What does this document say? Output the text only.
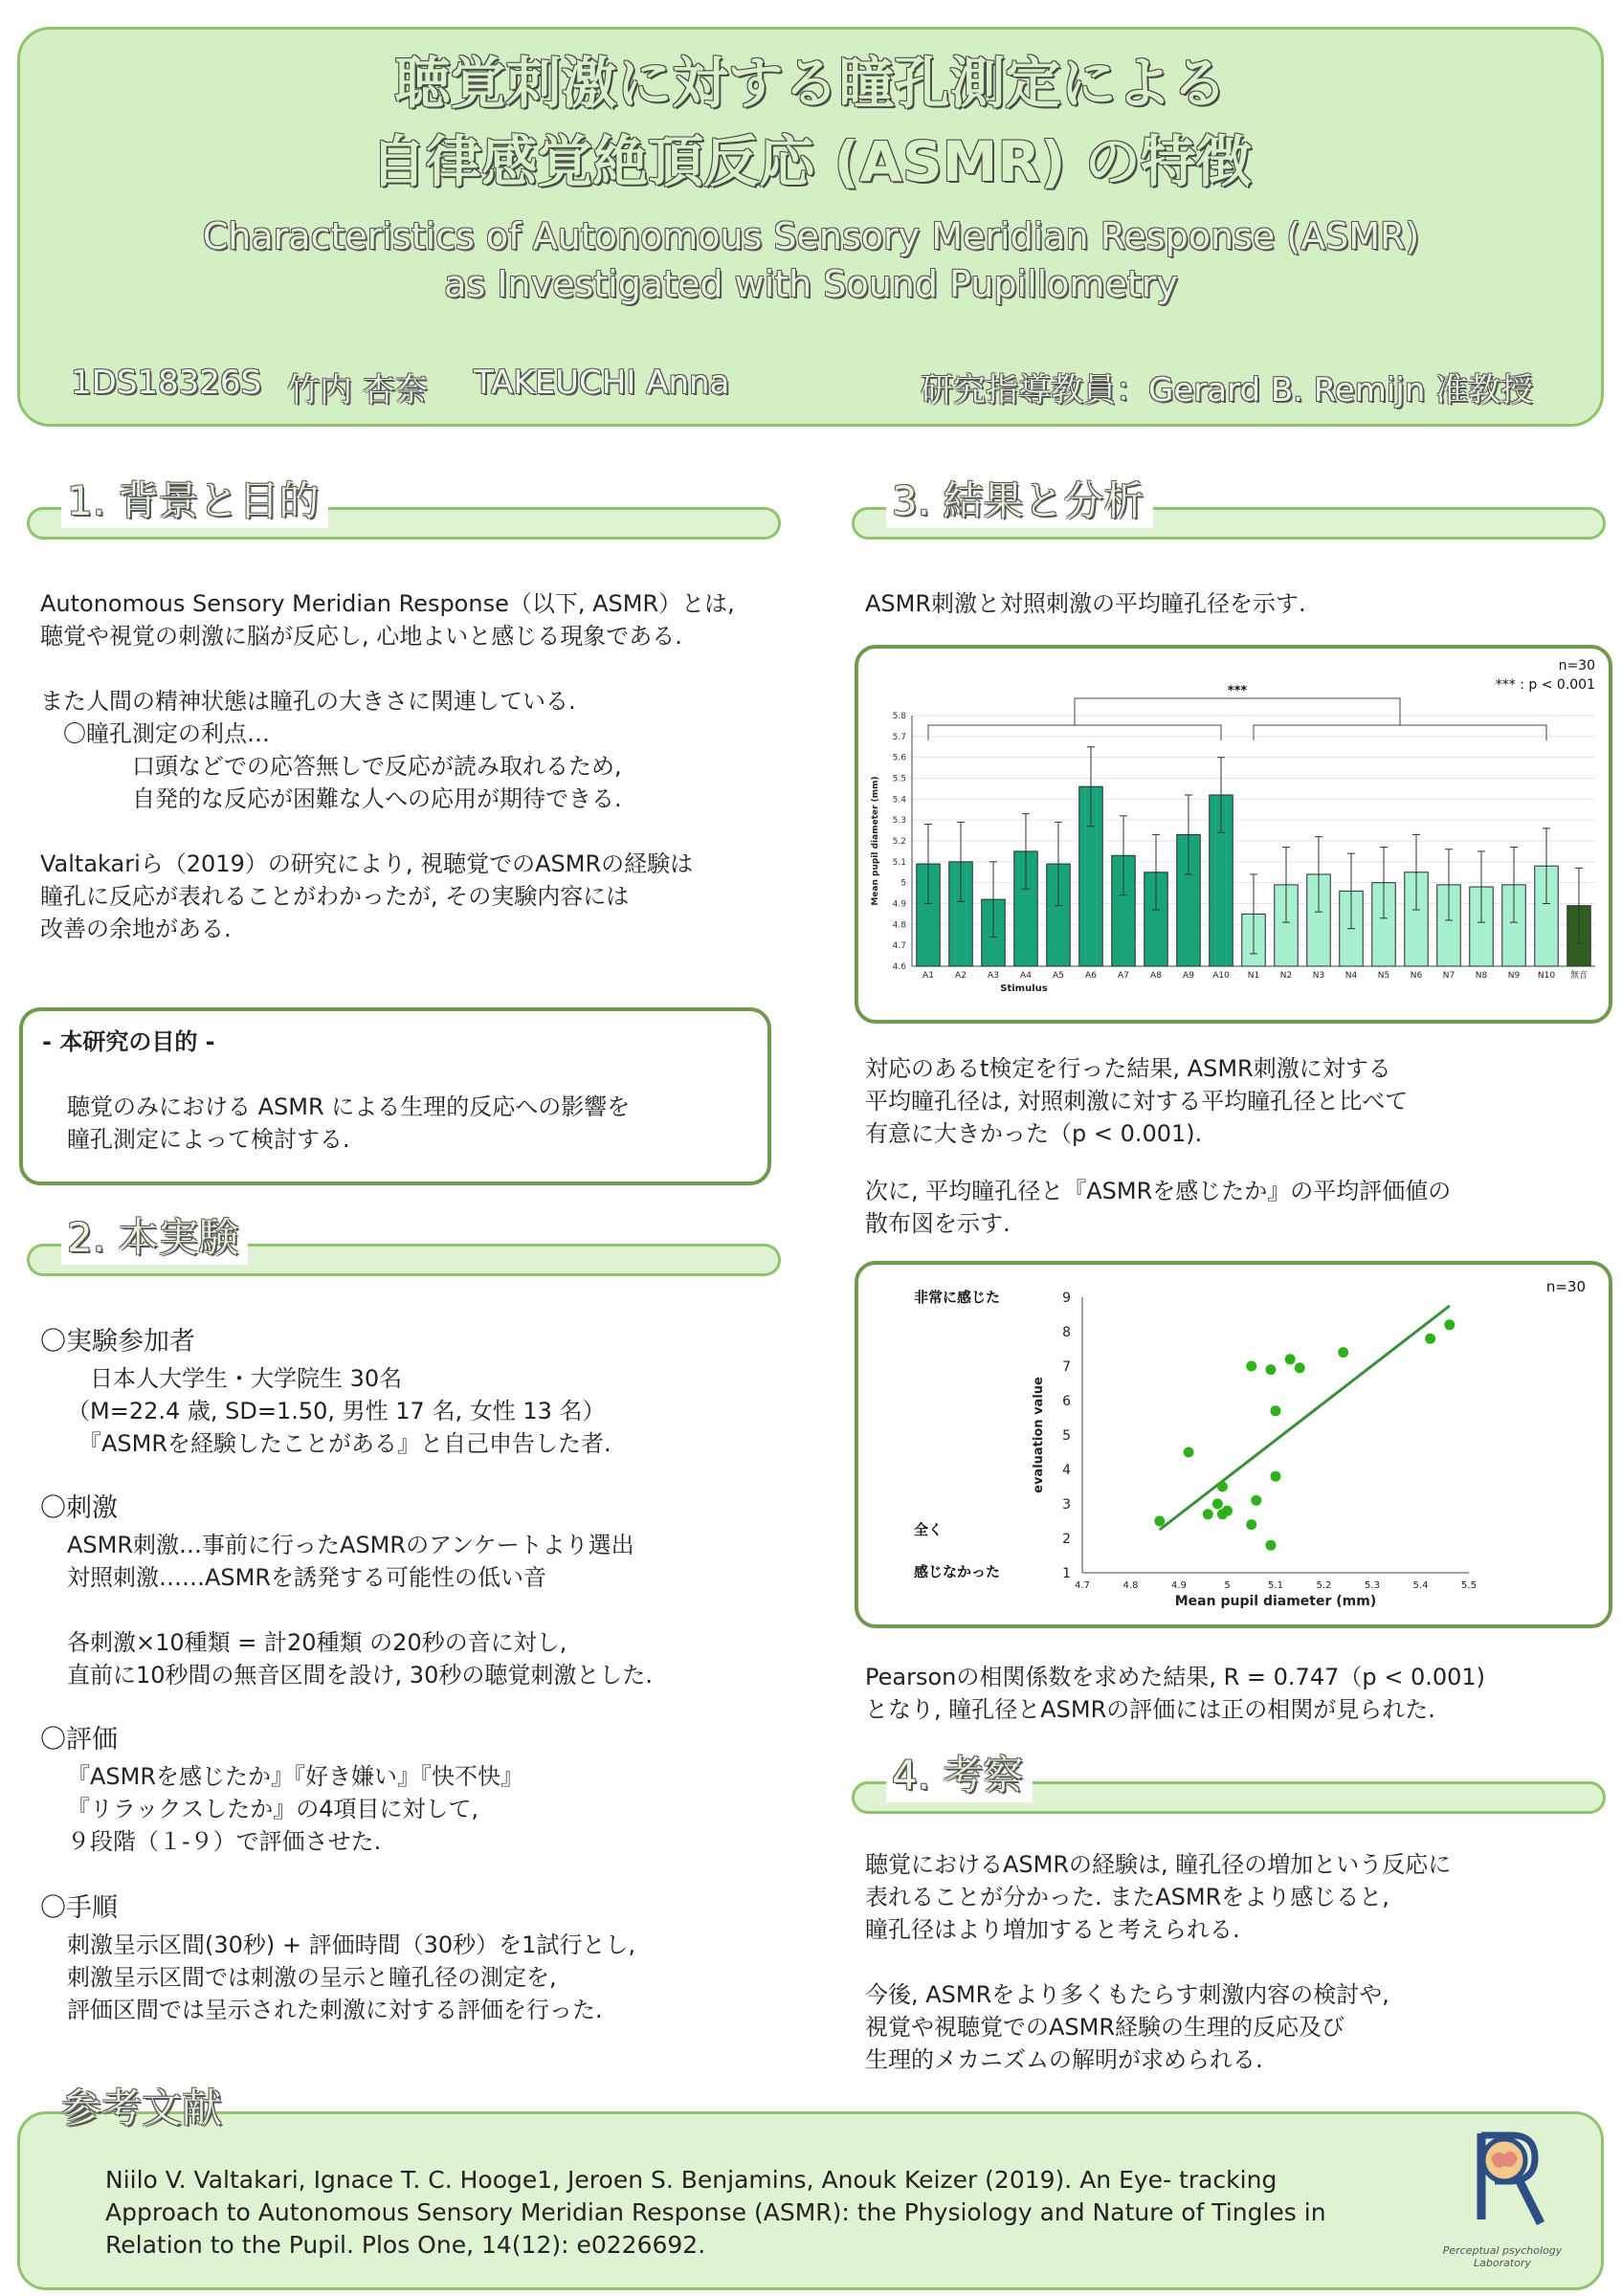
聴覚刺激に対する瞳孔測定による
自律感覚絶頂反応 (ASMR) の特徴
Characteristics of Autonomous Sensory Meridian Response (ASMR)
as Investigated with Sound Pupillometry
1DS18326S 竹内 杏奈 TAKEUCHI Anna	研究指導教員：Gerard B. Remijn 准教授
1. 背景と目的
Autonomous Sensory Meridian Response（以下, ASMR）とは,
聴覚や視覚の刺激に脳が反応し, 心地よいと感じる現象である.

また人間の精神状態は瞳孔の大きさに関連している.
　〇瞳孔測定の利点…
　　　　口頭などでの応答無しで反応が読み取れるため,
　　　　自発的な反応が困難な人への応用が期待できる.

Valtakariら（2019）の研究により, 視聴覚でのASMRの経験は
瞳孔に反応が表れることがわかったが, その実験内容には
改善の余地がある.
- 本研究の目的 -
聴覚のみにおける ASMR による生理的反応への影響を
瞳孔測定によって検討する.
2. 本実験
〇実験参加者
　日本人大学生・大学院生 30名
（M=22.4 歳, SD=1.50, 男性 17 名, 女性 13 名）
　『ASMRを経験したことがある』と自己申告した者.
〇刺激
ASMR刺激…事前に行ったASMRのアンケートより選出
対照刺激……ASMRを誘発する可能性の低い音

各刺激×10種類 = 計20種類 の20秒の音に対し,
直前に10秒間の無音区間を設け, 30秒の聴覚刺激とした.
〇評価
『ASMRを感じたか』『好き嫌い』『快不快』
『リラックスしたか』の4項目に対して,
９段階（１-９）で評価させた.
〇手順
刺激呈示区間(30秒) + 評価時間（30秒）を1試行とし,
刺激呈示区間では刺激の呈示と瞳孔径の測定を,
評価区間では呈示された刺激に対する評価を行った.
3. 結果と分析
ASMR刺激と対照刺激の平均瞳孔径を示す.
n=30
*** : p < 0.001
4.6
4.7
4.8
4.9
5
5.1
5.2
5.3
5.4
5.5
5.6
5.7
5.8
A1 A2 A3 A4 A5 A6 A7 A8 A9 A10 N1 N2 N3 N4 N5 N6 N7 N8 N9 N10 無音
***
Stimulus
Mean pupil diameter (mm)
対応のあるt検定を行った結果, ASMR刺激に対する
平均瞳孔径は, 対照刺激に対する平均瞳孔径と比べて
有意に大きかった（p < 0.001).
次に, 平均瞳孔径と『ASMRを感じたか』の平均評価値の
散布図を示す.
n=30
1
2
3
4
5
6
7
8
9
4.7	4.8	4.9	5	5.1	5.2	5.3	5.4	5.5
非常に感じた
全く
感じなかった
Mean pupil diameter (mm)
evaluation value
Pearsonの相関係数を求めた結果, R = 0.747（p < 0.001)
となり, 瞳孔径とASMRの評価には正の相関が見られた.
4. 考察
聴覚におけるASMRの経験は, 瞳孔径の増加という反応に
表れることが分かった. またASMRをより感じると,
瞳孔径はより増加すると考えられる.

今後, ASMRをより多くもたらす刺激内容の検討や,
視覚や視聴覚でのASMR経験の生理的反応及び
生理的メカニズムの解明が求められる.
参考文献
Niilo V. Valtakari, Ignace T. C. Hooge1, Jeroen S. Benjamins, Anouk Keizer (2019). An Eye- tracking
Approach to Autonomous Sensory Meridian Response (ASMR): the Physiology and Nature of Tingles in
Relation to the Pupil. Plos One, 14(12): e0226692.	Perceptual psychology
Laboratory
